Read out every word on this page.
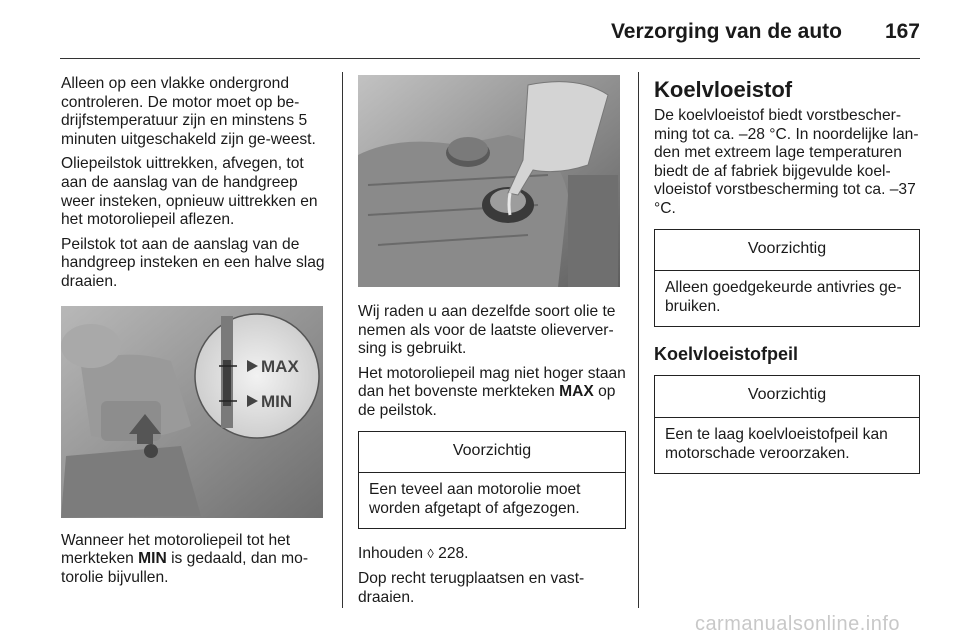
Verzorging van de auto 167

Alleen op een vlakke ondergrond controleren. De motor moet op be-drijfstemperatuur zijn en minstens 5 minuten uitgeschakeld zijn ge-weest.

Oliepeilstok uittrekken, afvegen, tot aan de aanslag van de handgreep weer insteken, opnieuw uittrekken en het motoroliepeil aflezen.

Peilstok tot aan de aanslag van de handgreep insteken en een halve slag draaien.

MAX
MIN

Wanneer het motoroliepeil tot het merkteken MIN is gedaald, dan mo-torolie bijvullen.

Wij raden u aan dezelfde soort olie te nemen als voor de laatste olieverver-sing is gebruikt.

Het motoroliepeil mag niet hoger staan dan het bovenste merkteken MAX op de peilstok.

Voorzichtig
Een teveel aan motorolie moet worden afgetapt of afgezogen.

Inhouden ◊ 228.

Dop recht terugplaatsen en vast-draaien.

Koelvloeistof

De koelvloeistof biedt vorstbescher-ming tot ca. –28 °C. In noordelijke lan-den met extreem lage temperaturen biedt de af fabriek bijgevulde koel-vloeistof vorstbescherming tot ca. –37 °C.

Voorzichtig
Alleen goedgekeurde antivries ge-bruiken.
Koelvloeistofpeil
Voorzichtig
Een te laag koelvloeistofpeil kan motorschade veroorzaken.
carmanualsonline.info
